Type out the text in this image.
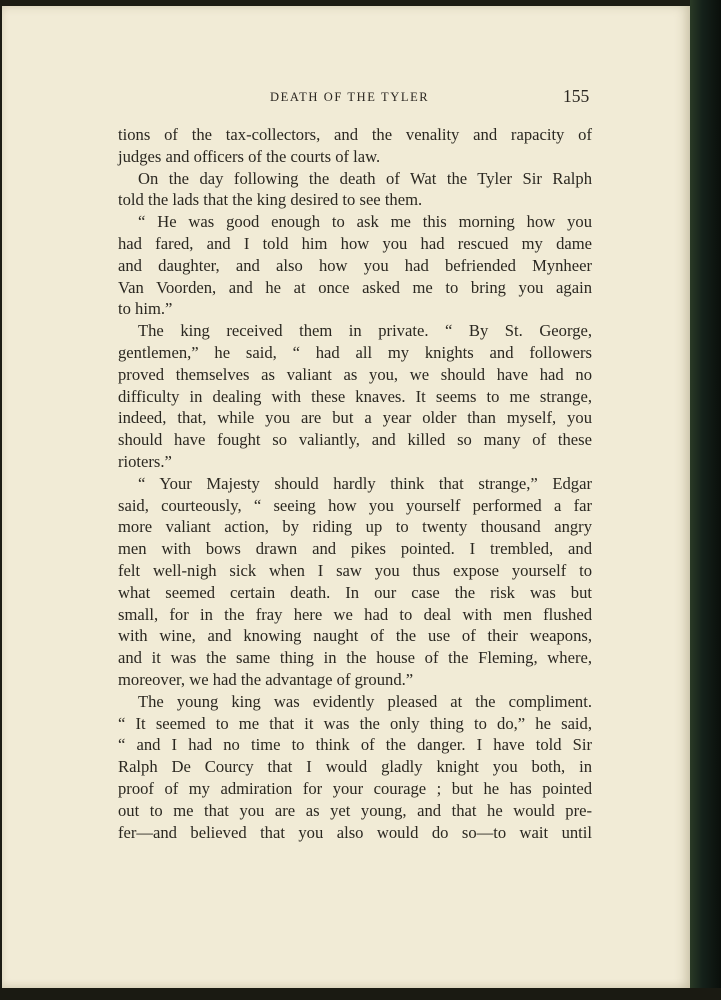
DEATH OF THE TYLER	155

tions of the tax-collectors, and the venality and rapacity of

judges and officers of the courts of law.

On the day following the death of Wat the Tyler Sir Ralph

told the lads that the king desired to see them.

“ He was good enough to ask me this morning how you

had fared, and I told him how you had rescued my dame

and daughter, and also how you had befriended Mynheer

Van Voorden, and he at once asked me to bring you again

to him.”

The king received them in private. “ By St. George,

gentlemen,” he said, “ had all my knights and followers

proved themselves as valiant as you, we should have had no

difficulty in dealing with these knaves. It seems to me strange,

indeed, that, while you are but a year older than myself, you

should have fought so valiantly, and killed so many of these

rioters.”

“ Your Majesty should hardly think that strange,” Edgar

said, courteously, “ seeing how you yourself performed a far

more valiant action, by riding up to twenty thousand angry

men with bows drawn and pikes pointed. I trembled, and

felt well-nigh sick when I saw you thus expose yourself to

what seemed certain death. In our case the risk was but

small, for in the fray here we had to deal with men flushed

with wine, and knowing naught of the use of their weapons,

and it was the same thing in the house of the Fleming, where,

moreover, we had the advantage of ground.”

The young king was evidently pleased at the compliment.

“ It seemed to me that it was the only thing to do,” he said,

“ and I had no time to think of the danger. I have told Sir

Ralph De Courcy that I would gladly knight you both, in

proof of my admiration for your courage ; but he has pointed

out to me that you are as yet young, and that he would pre-

fer—and believed that you also would do so—to wait until
